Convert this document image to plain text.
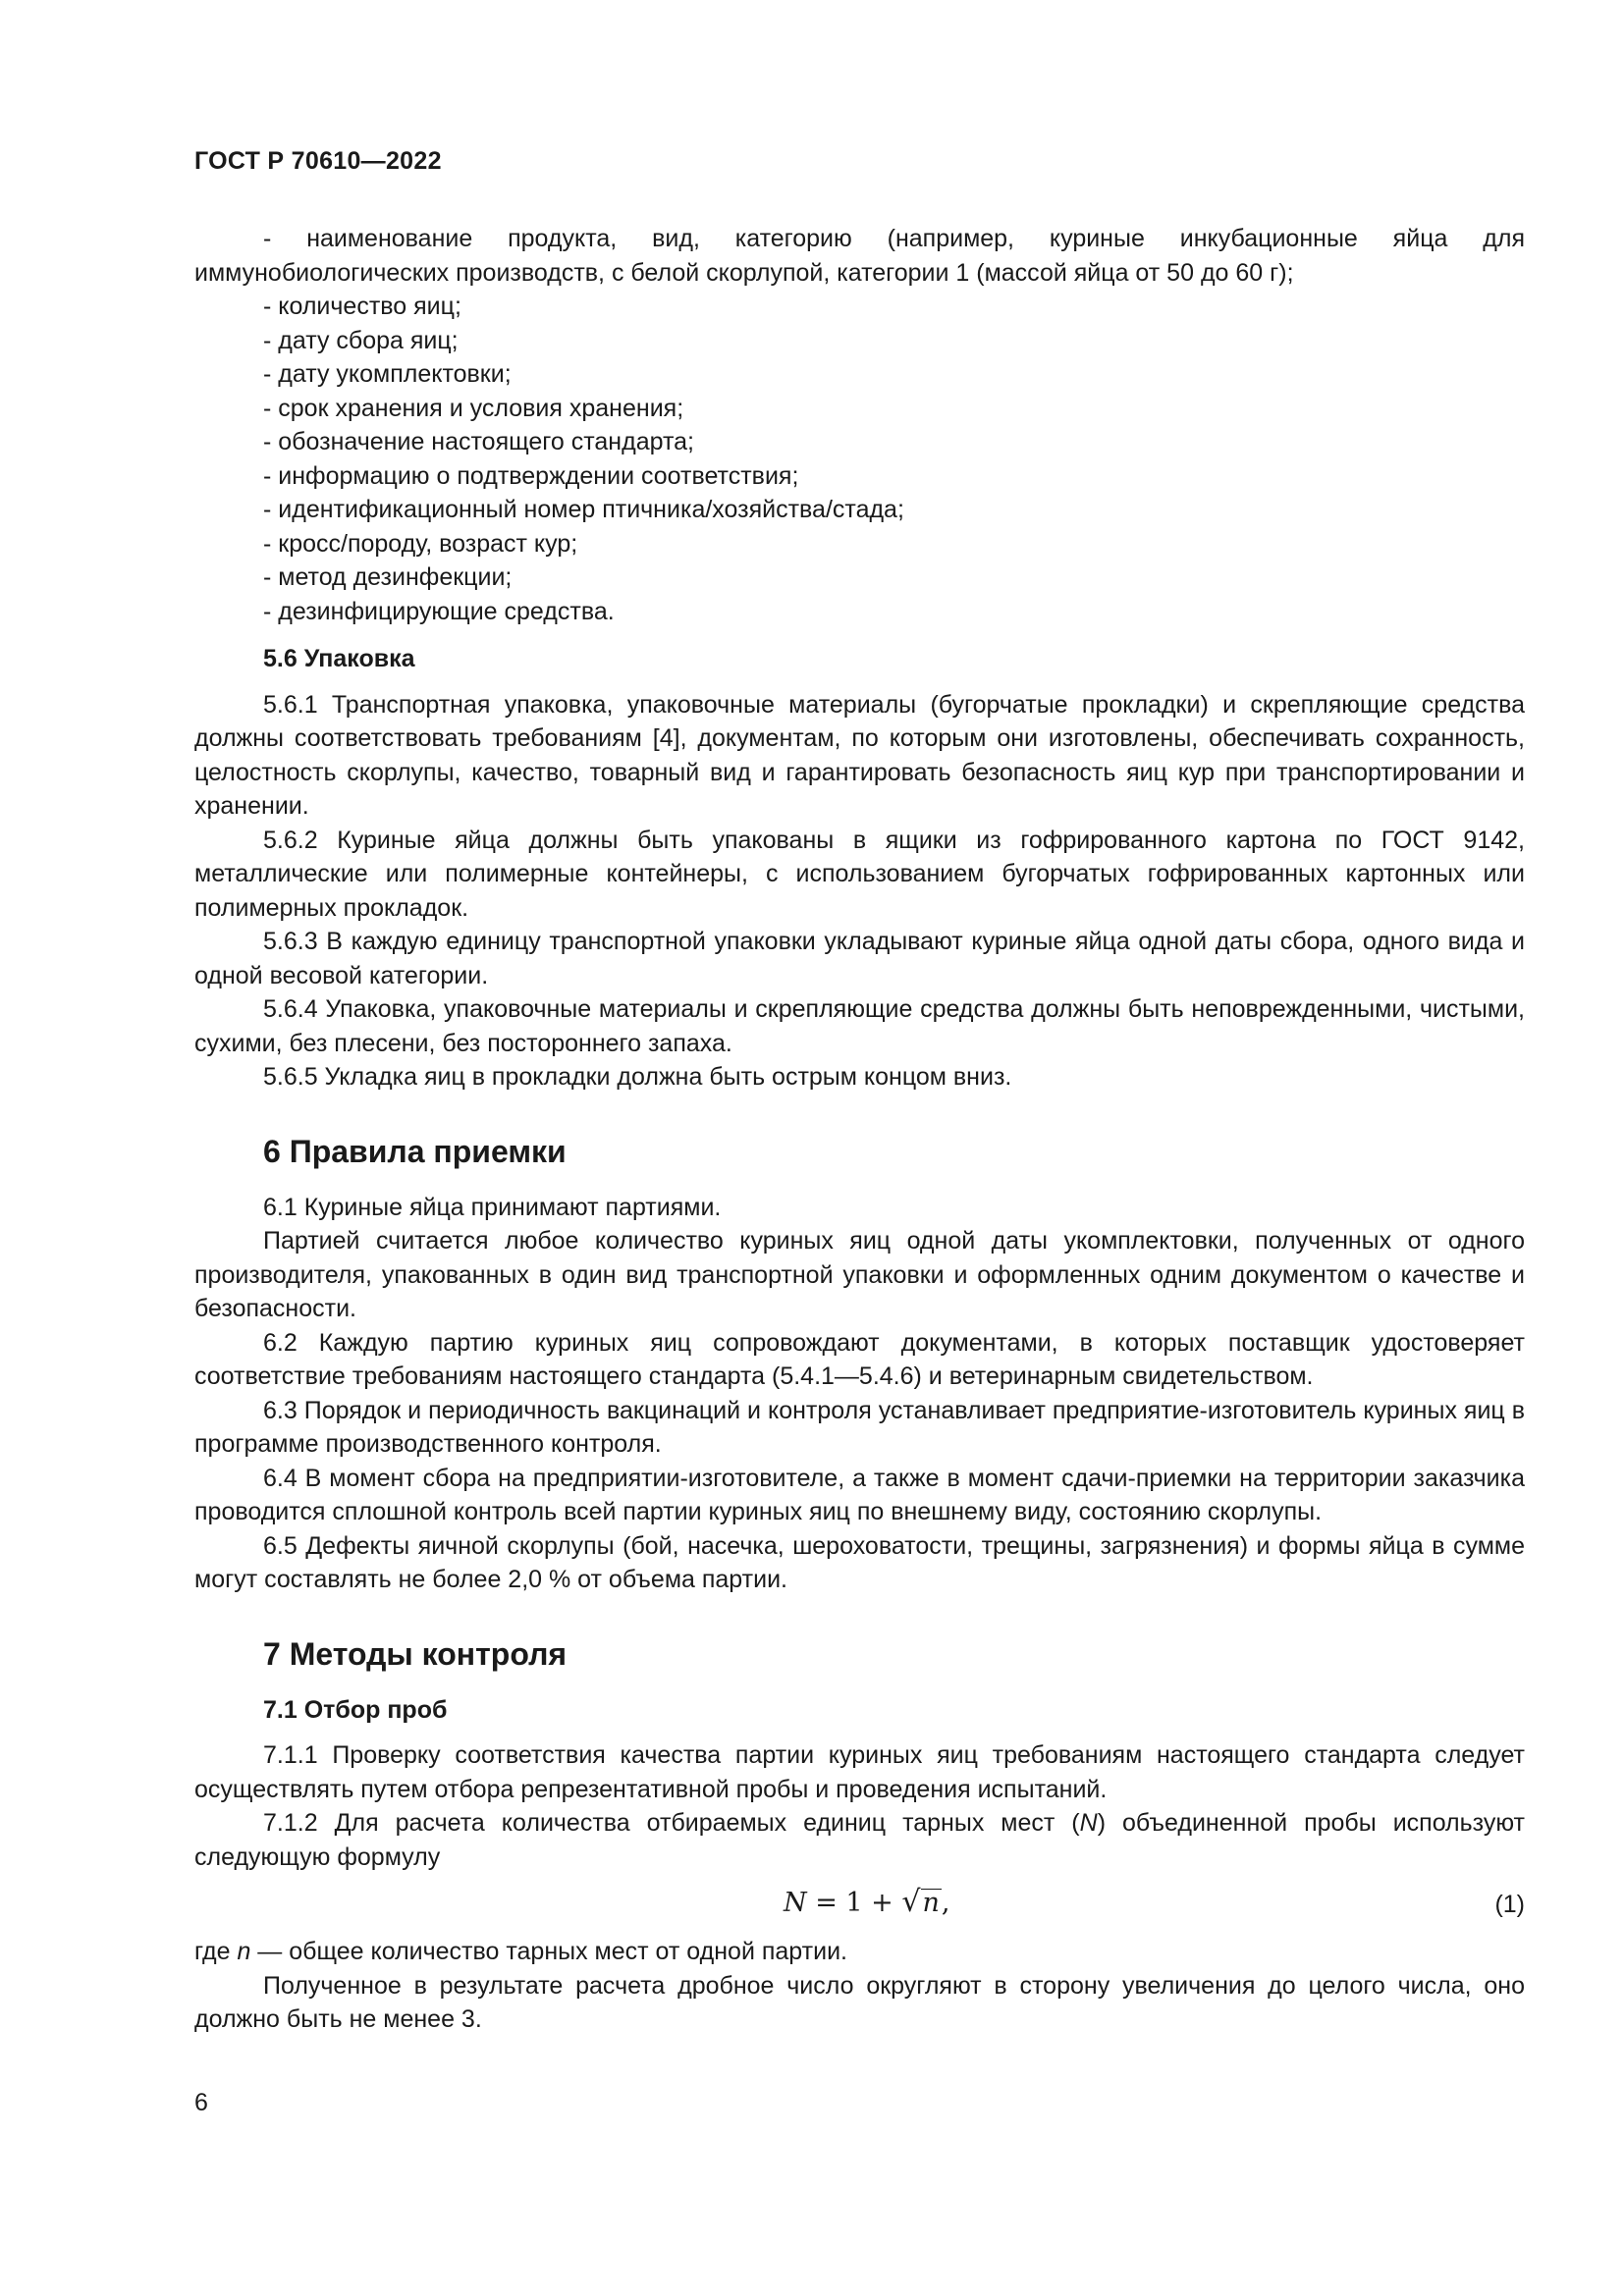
ГОСТ Р 70610—2022

- наименование продукта, вид, категорию (например, куриные инкубационные яйца для иммунобиологических производств, с белой скорлупой, категории 1 (массой яйца от 50 до 60 г);

- количество яиц;

- дату сбора яиц;

- дату укомплектовки;

- срок хранения и условия хранения;

- обозначение настоящего стандарта;

- информацию о подтверждении соответствия;

- идентификационный номер птичника/хозяйства/стада;

- кросс/породу, возраст кур;

- метод дезинфекции;

- дезинфицирующие средства.

5.6 Упаковка

5.6.1 Транспортная упаковка, упаковочные материалы (бугорчатые прокладки) и скрепляющие средства должны соответствовать требованиям [4], документам, по которым они изготовлены, обеспечивать сохранность, целостность скорлупы, качество, товарный вид и гарантировать безопасность яиц кур при транспортировании и хранении.

5.6.2 Куриные яйца должны быть упакованы в ящики из гофрированного картона по ГОСТ 9142, металлические или полимерные контейнеры, с использованием бугорчатых гофрированных картонных или полимерных прокладок.

5.6.3 В каждую единицу транспортной упаковки укладывают куриные яйца одной даты сбора, одного вида и одной весовой категории.

5.6.4 Упаковка, упаковочные материалы и скрепляющие средства должны быть неповрежденными, чистыми, сухими, без плесени, без постороннего запаха.

5.6.5 Укладка яиц в прокладки должна быть острым концом вниз.

6 Правила приемки

6.1 Куриные яйца принимают партиями.

Партией считается любое количество куриных яиц одной даты укомплектовки, полученных от одного производителя, упакованных в один вид транспортной упаковки и оформленных одним документом о качестве и безопасности.

6.2 Каждую партию куриных яиц сопровождают документами, в которых поставщик удостоверяет соответствие требованиям настоящего стандарта (5.4.1—5.4.6) и ветеринарным свидетельством.

6.3 Порядок и периодичность вакцинаций и контроля устанавливает предприятие-изготовитель куриных яиц в программе производственного контроля.

6.4 В момент сбора на предприятии-изготовителе, а также в момент сдачи-приемки на территории заказчика проводится сплошной контроль всей партии куриных яиц по внешнему виду, состоянию скорлупы.

6.5 Дефекты яичной скорлупы (бой, насечка, шероховатости, трещины, загрязнения) и формы яйца в сумме могут составлять не более 2,0 % от объема партии.

7 Методы контроля
7.1 Отбор проб

7.1.1 Проверку соответствия качества партии куриных яиц требованиям настоящего стандарта следует осуществлять путем отбора репрезентативной пробы и проведения испытаний.

7.1.2 Для расчета количества отбираемых единиц тарных мест (N) объединенной пробы используют следующую формулу

N = 1 + √n,	(1)

где n — общее количество тарных мест от одной партии.

Полученное в результате расчета дробное число округляют в сторону увеличения до целого числа, оно должно быть не менее 3.

6
